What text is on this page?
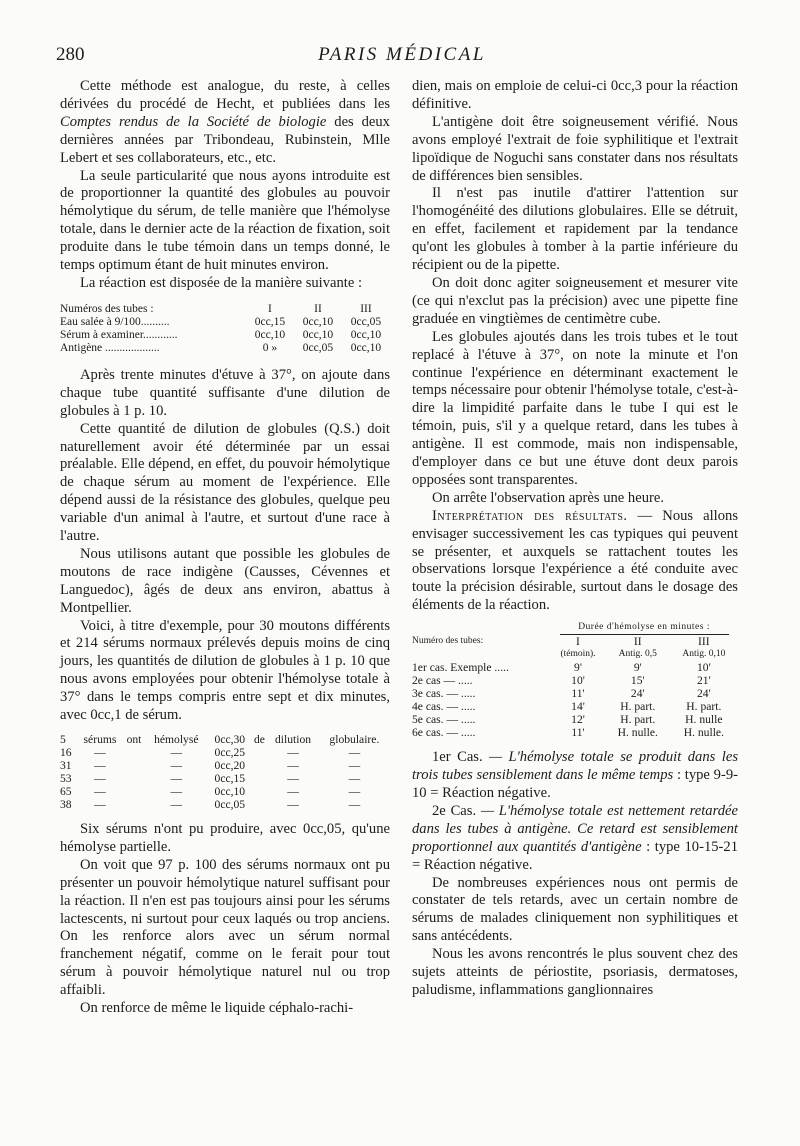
280	PARIS MÉDICAL

Cette méthode est analogue, du reste, à celles dérivées du procédé de Hecht, et publiées dans les Comptes rendus de la Société de biologie des deux dernières années par Tribondeau, Rubinstein, Mlle Lebert et ses collaborateurs, etc., etc.

La seule particularité que nous ayons introduite est de proportionner la quantité des globules au pouvoir hémolytique du sérum, de telle manière que l'hémolyse totale, dans le dernier acte de la réaction de fixation, soit produite dans le tube témoin dans un temps donné, le temps optimum étant de huit minutes environ.

La réaction est disposée de la manière suivante :

Numéros des tubes :	I	II	III
Eau salée à 9/100..........	0cc,15	0cc,10	0cc,05
Sérum à examiner............	0cc,10	0cc,10	0cc,10
Antigène ...................	0 »	0cc,05	0cc,10

Après trente minutes d'étuve à 37°, on ajoute dans chaque tube quantité suffisante d'une dilution de globules à 1 p. 10.

Cette quantité de dilution de globules (Q.S.) doit naturellement avoir été déterminée par un essai préalable. Elle dépend, en effet, du pouvoir hémolytique de chaque sérum au moment de l'expérience. Elle dépend aussi de la résistance des globules, quelque peu variable d'un animal à l'autre, et surtout d'une race à l'autre.

Nous utilisons autant que possible les globules de moutons de race indigène (Causses, Cévennes et Languedoc), âgés de deux ans environ, abattus à Montpellier.

Voici, à titre d'exemple, pour 30 moutons différents et 214 sérums normaux prélevés depuis moins de cinq jours, les quantités de dilution de globules à 1 p. 10 que nous avons employées pour obtenir l'hémolyse totale à 37° dans le temps compris entre sept et dix minutes, avec 0cc,1 de sérum.

5	sérums	ont	hémolysé	0cc,30	de	dilution	globulaire.
16	—		—	0cc,25		—	—
31	—		—	0cc,20		—	—
53	—		—	0cc,15		—	—
65	—		—	0cc,10		—	—
38	—		—	0cc,05		—	—

Six sérums n'ont pu produire, avec 0cc,05, qu'une hémolyse partielle.

On voit que 97 p. 100 des sérums normaux ont pu présenter un pouvoir hémolytique naturel suffisant pour la réaction. Il n'en est pas toujours ainsi pour les sérums lactescents, ni surtout pour ceux laqués ou trop anciens. On les renforce alors avec un sérum normal franchement négatif, comme on le ferait pour tout sérum à pouvoir hémolytique naturel nul ou trop affaibli.

On renforce de même le liquide céphalo-rachi-

dien, mais on emploie de celui-ci 0cc,3 pour la réaction définitive.

L'antigène doit être soigneusement vérifié. Nous avons employé l'extrait de foie syphilitique et l'extrait lipoïdique de Noguchi sans constater dans nos résultats de différences bien sensibles.

Il n'est pas inutile d'attirer l'attention sur l'homogénéité des dilutions globulaires. Elle se détruit, en effet, facilement et rapidement par la tendance qu'ont les globules à tomber à la partie inférieure du récipient ou de la pipette.

On doit donc agiter soigneusement et mesurer vite (ce qui n'exclut pas la précision) avec une pipette fine graduée en vingtièmes de centimètre cube.

Les globules ajoutés dans les trois tubes et le tout replacé à l'étuve à 37°, on note la minute et l'on continue l'expérience en déterminant exactement le temps nécessaire pour obtenir l'hémolyse totale, c'est-à-dire la limpidité parfaite dans le tube I qui est le témoin, puis, s'il y a quelque retard, dans les tubes à antigène. Il est commode, mais non indispensable, d'employer dans ce but une étuve dont deux parois opposées sont transparentes.

On arrête l'observation après une heure.

Interprétation des résultats. — Nous allons envisager successivement les cas typiques qui peuvent se présenter, et auxquels se rattachent toutes les observations lorsque l'expérience a été conduite avec toute la précision désirable, surtout dans le dosage des éléments de la réaction.

	Durée d'hémolyse en minutes :		

Numéro des tubes:	I	II	III
	(témoin).	Antig. 0,5	Antig. 0,10
1er cas. Exemple .....	9'	9'	10'
2e cas — .....	10'	15'	21'
3e cas. — .....	11'	24'	24'
4e cas. — .....	14'	H. part.	H. part.
5e cas. — .....	12'	H. part.	H. nulle
6e cas. — .....	11'	H. nulle.	H. nulle.

1er Cas. — L'hémolyse totale se produit dans les trois tubes sensiblement dans le même temps : type 9-9-10 = Réaction négative.

2e Cas. — L'hémolyse totale est nettement retardée dans les tubes à antigène. Ce retard est sensiblement proportionnel aux quantités d'antigène : type 10-15-21 = Réaction négative.

De nombreuses expériences nous ont permis de constater de tels retards, avec un certain nombre de sérums de malades cliniquement non syphilitiques et sans antécédents.

Nous les avons rencontrés le plus souvent chez des sujets atteints de périostite, psoriasis, dermatoses, paludisme, inflammations ganglionnaires
